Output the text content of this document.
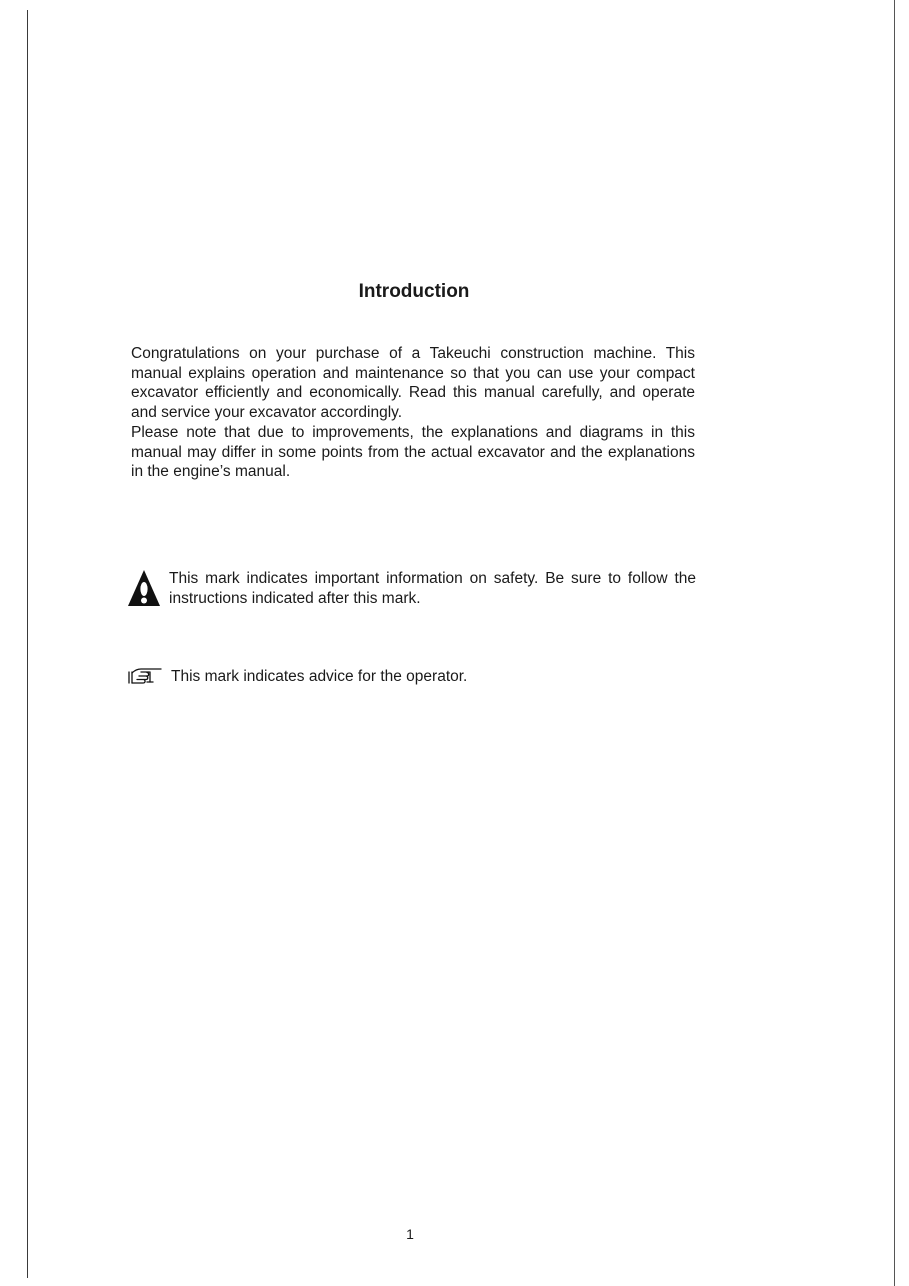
Introduction

Congratulations on your purchase of a Takeuchi construction machine. This manual explains operation and maintenance so that you can use your compact excavator efficiently and economically. Read this manual carefully, and operate and service your excavator accordingly.

Please note that due to improvements, the explanations and diagrams in this manual may differ in some points from the actual excavator and the explanations in the engine’s manual.

This mark indicates important information on safety. Be sure to follow the instructions indicated after this mark.

This mark indicates advice for the operator.

1
